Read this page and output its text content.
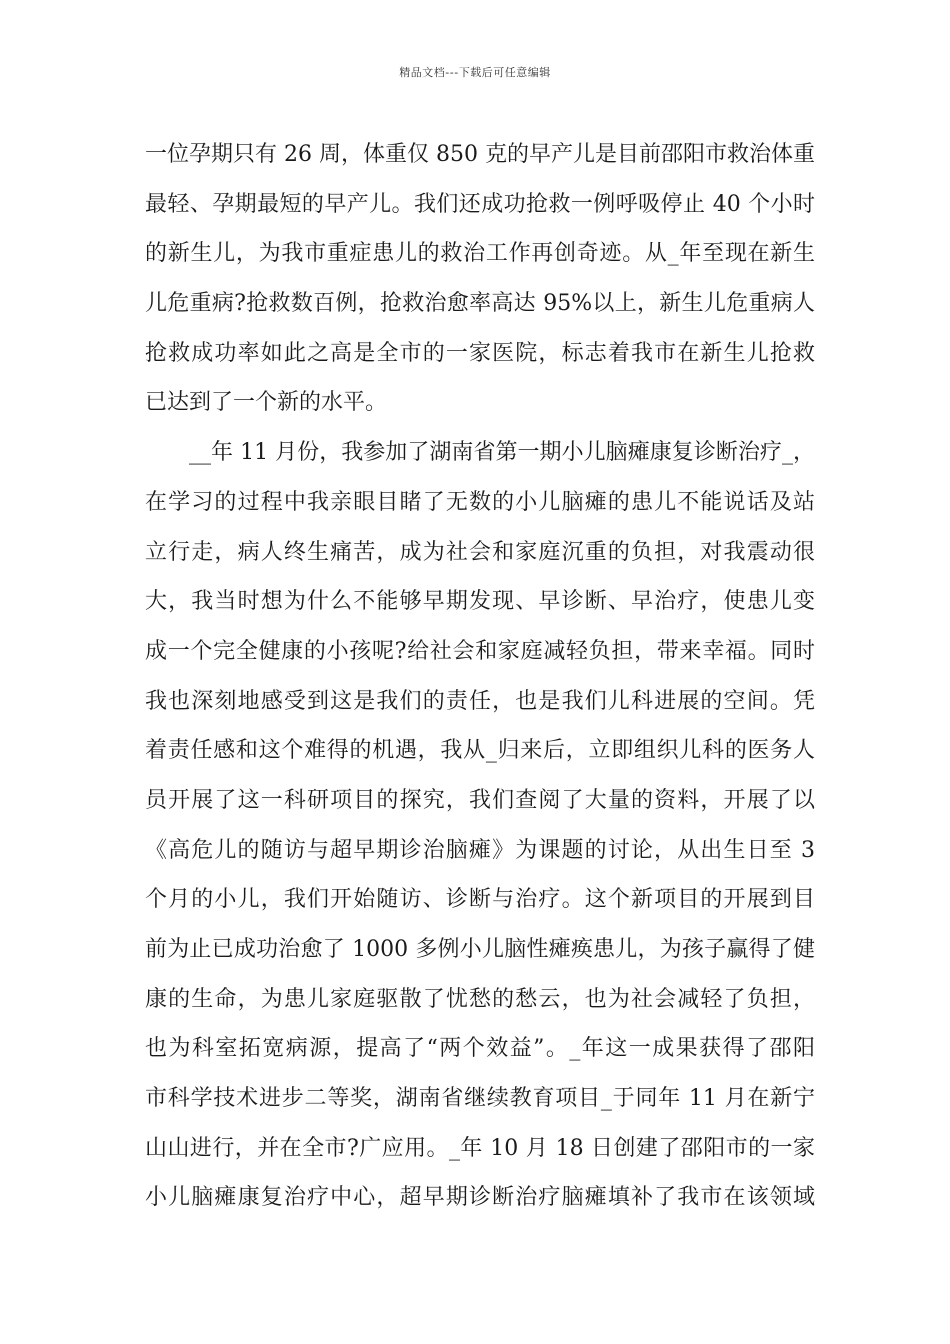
精品文档---下载后可任意编辑
一位孕期只有 26 周，体重仅 850 克的早产儿是目前邵阳市救治体重
最轻、孕期最短的早产儿。我们还成功抢救一例呼吸停止 40 个小时
的新生儿，为我市重症患儿的救治工作再创奇迹。从_年至现在新生
儿危重病?抢救数百例，抢救治愈率高达 95%以上，新生儿危重病人
抢救成功率如此之高是全市的一家医院，标志着我市在新生儿抢救
已达到了一个新的水平。
__年 11 月份，我参加了湖南省第一期小儿脑瘫康复诊断治疗_，
在学习的过程中我亲眼目睹了无数的小儿脑瘫的患儿不能说话及站
立行走，病人终生痛苦，成为社会和家庭沉重的负担，对我震动很
大，我当时想为什么不能够早期发现、早诊断、早治疗，使患儿变
成一个完全健康的小孩呢?给社会和家庭减轻负担，带来幸福。同时
我也深刻地感受到这是我们的责任，也是我们儿科进展的空间。凭
着责任感和这个难得的机遇，我从_归来后，立即组织儿科的医务人
员开展了这一科研项目的探究，我们查阅了大量的资料，开展了以
《高危儿的随访与超早期诊治脑瘫》为课题的讨论，从出生日至 3
个月的小儿，我们开始随访、诊断与治疗。这个新项目的开展到目
前为止已成功治愈了 1000 多例小儿脑性瘫痪患儿，为孩子赢得了健
康的生命，为患儿家庭驱散了忧愁的愁云，也为社会减轻了负担，
也为科室拓宽病源，提高了“两个效益”。_年这一成果获得了邵阳
市科学技术进步二等奖，湖南省继续教育项目_于同年 11 月在新宁
山山进行，并在全市?广应用。_年 10 月 18 日创建了邵阳市的一家
小儿脑瘫康复治疗中心，超早期诊断治疗脑瘫填补了我市在该领域
